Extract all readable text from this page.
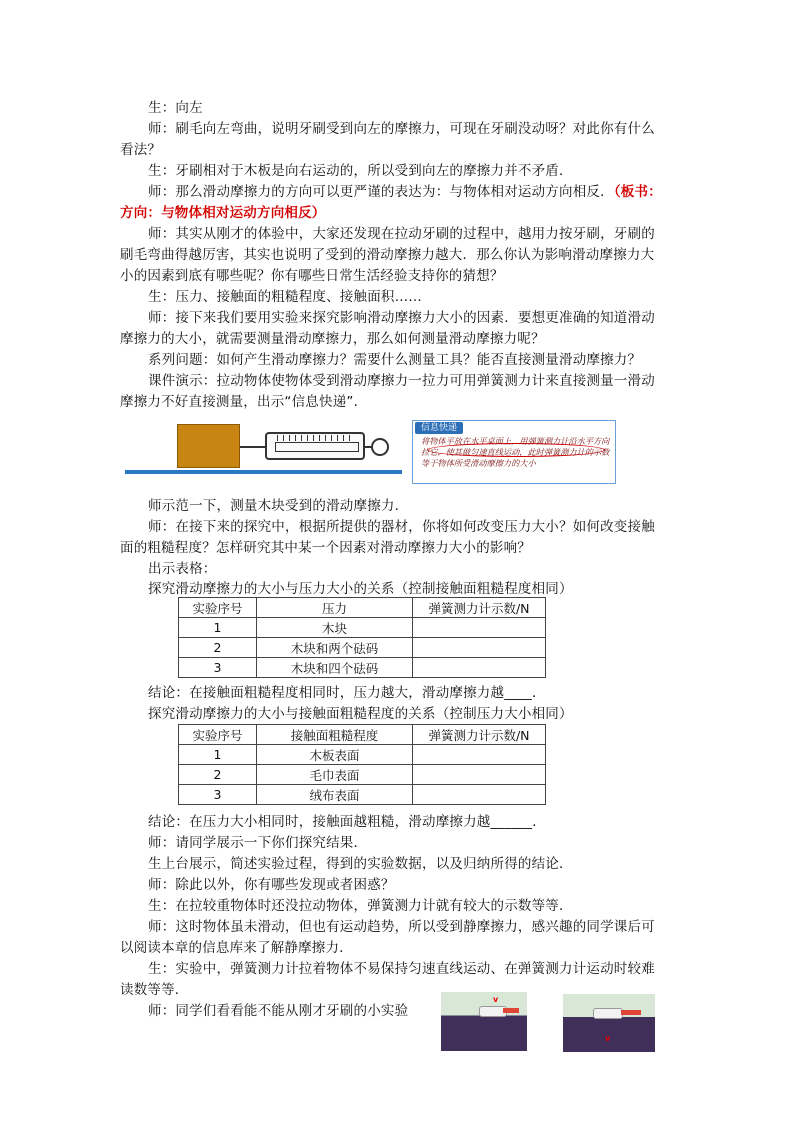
生：向左
师：刷毛向左弯曲，说明牙刷受到向左的摩擦力，可现在牙刷没动呀？对此你有什么
看法？
生：牙刷相对于木板是向右运动的，所以受到向左的摩擦力并不矛盾．
师：那么滑动摩擦力的方向可以更严谨的表达为：与物体相对运动方向相反．（板书：
方向：与物体相对运动方向相反）
师：其实从刚才的体验中，大家还发现在拉动牙刷的过程中，越用力按牙刷，牙刷的
刷毛弯曲得越厉害，其实也说明了受到的滑动摩擦力越大．那么你认为影响滑动摩擦力大
小的因素到底有哪些呢？你有哪些日常生活经验支持你的猜想？
生：压力、接触面的粗糙程度、接触面积……
师：接下来我们要用实验来探究影响滑动摩擦力大小的因素．要想更准确的知道滑动
摩擦力的大小，就需要测量滑动摩擦力，那么如何测量滑动摩擦力呢？
系列问题：如何产生滑动摩擦力？需要什么测量工具？能否直接测量滑动摩擦力？
课件演示：拉动物体使物体受到滑动摩擦力一拉力可用弹簧测力计来直接测量一滑动
摩擦力不好直接测量，出示“信息快递”．
信息快递
将物体平放在水平桌面上，用弹簧测力计沿水平方向拉它，使其做匀速直线运动，此时弹簧测力计的示数等于物体所受滑动摩擦力的大小
师示范一下，测量木块受到的滑动摩擦力．
师：在接下来的探究中，根据所提供的器材，你将如何改变压力大小？如何改变接触
面的粗糙程度？怎样研究其中某一个因素对滑动摩擦力大小的影响？
出示表格：
探究滑动摩擦力的大小与压力大小的关系（控制接触面粗糙程度相同）
实验序号	压力	弹簧测力计示数/N
1	木块	
2	木块和两个砝码	
3	木块和四个砝码	
结论：在接触面粗糙程度相同时，压力越大，滑动摩擦力越____．
探究滑动摩擦力的大小与接触面粗糙程度的关系（控制压力大小相同）
实验序号	接触面粗糙程度	弹簧测力计示数/N
1	木板表面	
2	毛巾表面	
3	绒布表面	
结论：在压力大小相同时，接触面越粗糙，滑动摩擦力越______．
师：请同学展示一下你们探究结果．
生上台展示，简述实验过程，得到的实验数据，以及归纳所得的结论．
师：除此以外，你有哪些发现或者困惑？
生：在拉较重物体时还没拉动物体，弹簧测力计就有较大的示数等等．
师：这时物体虽未滑动，但也有运动趋势，所以受到静摩擦力，感兴趣的同学课后可
以阅读本章的信息库来了解静摩擦力．
生：实验中，弹簧测力计拉着物体不易保持匀速直线运动、在弹簧测力计运动时较难
读数等等．
师：同学们看看能不能从刚才牙刷的小实验
v
v
